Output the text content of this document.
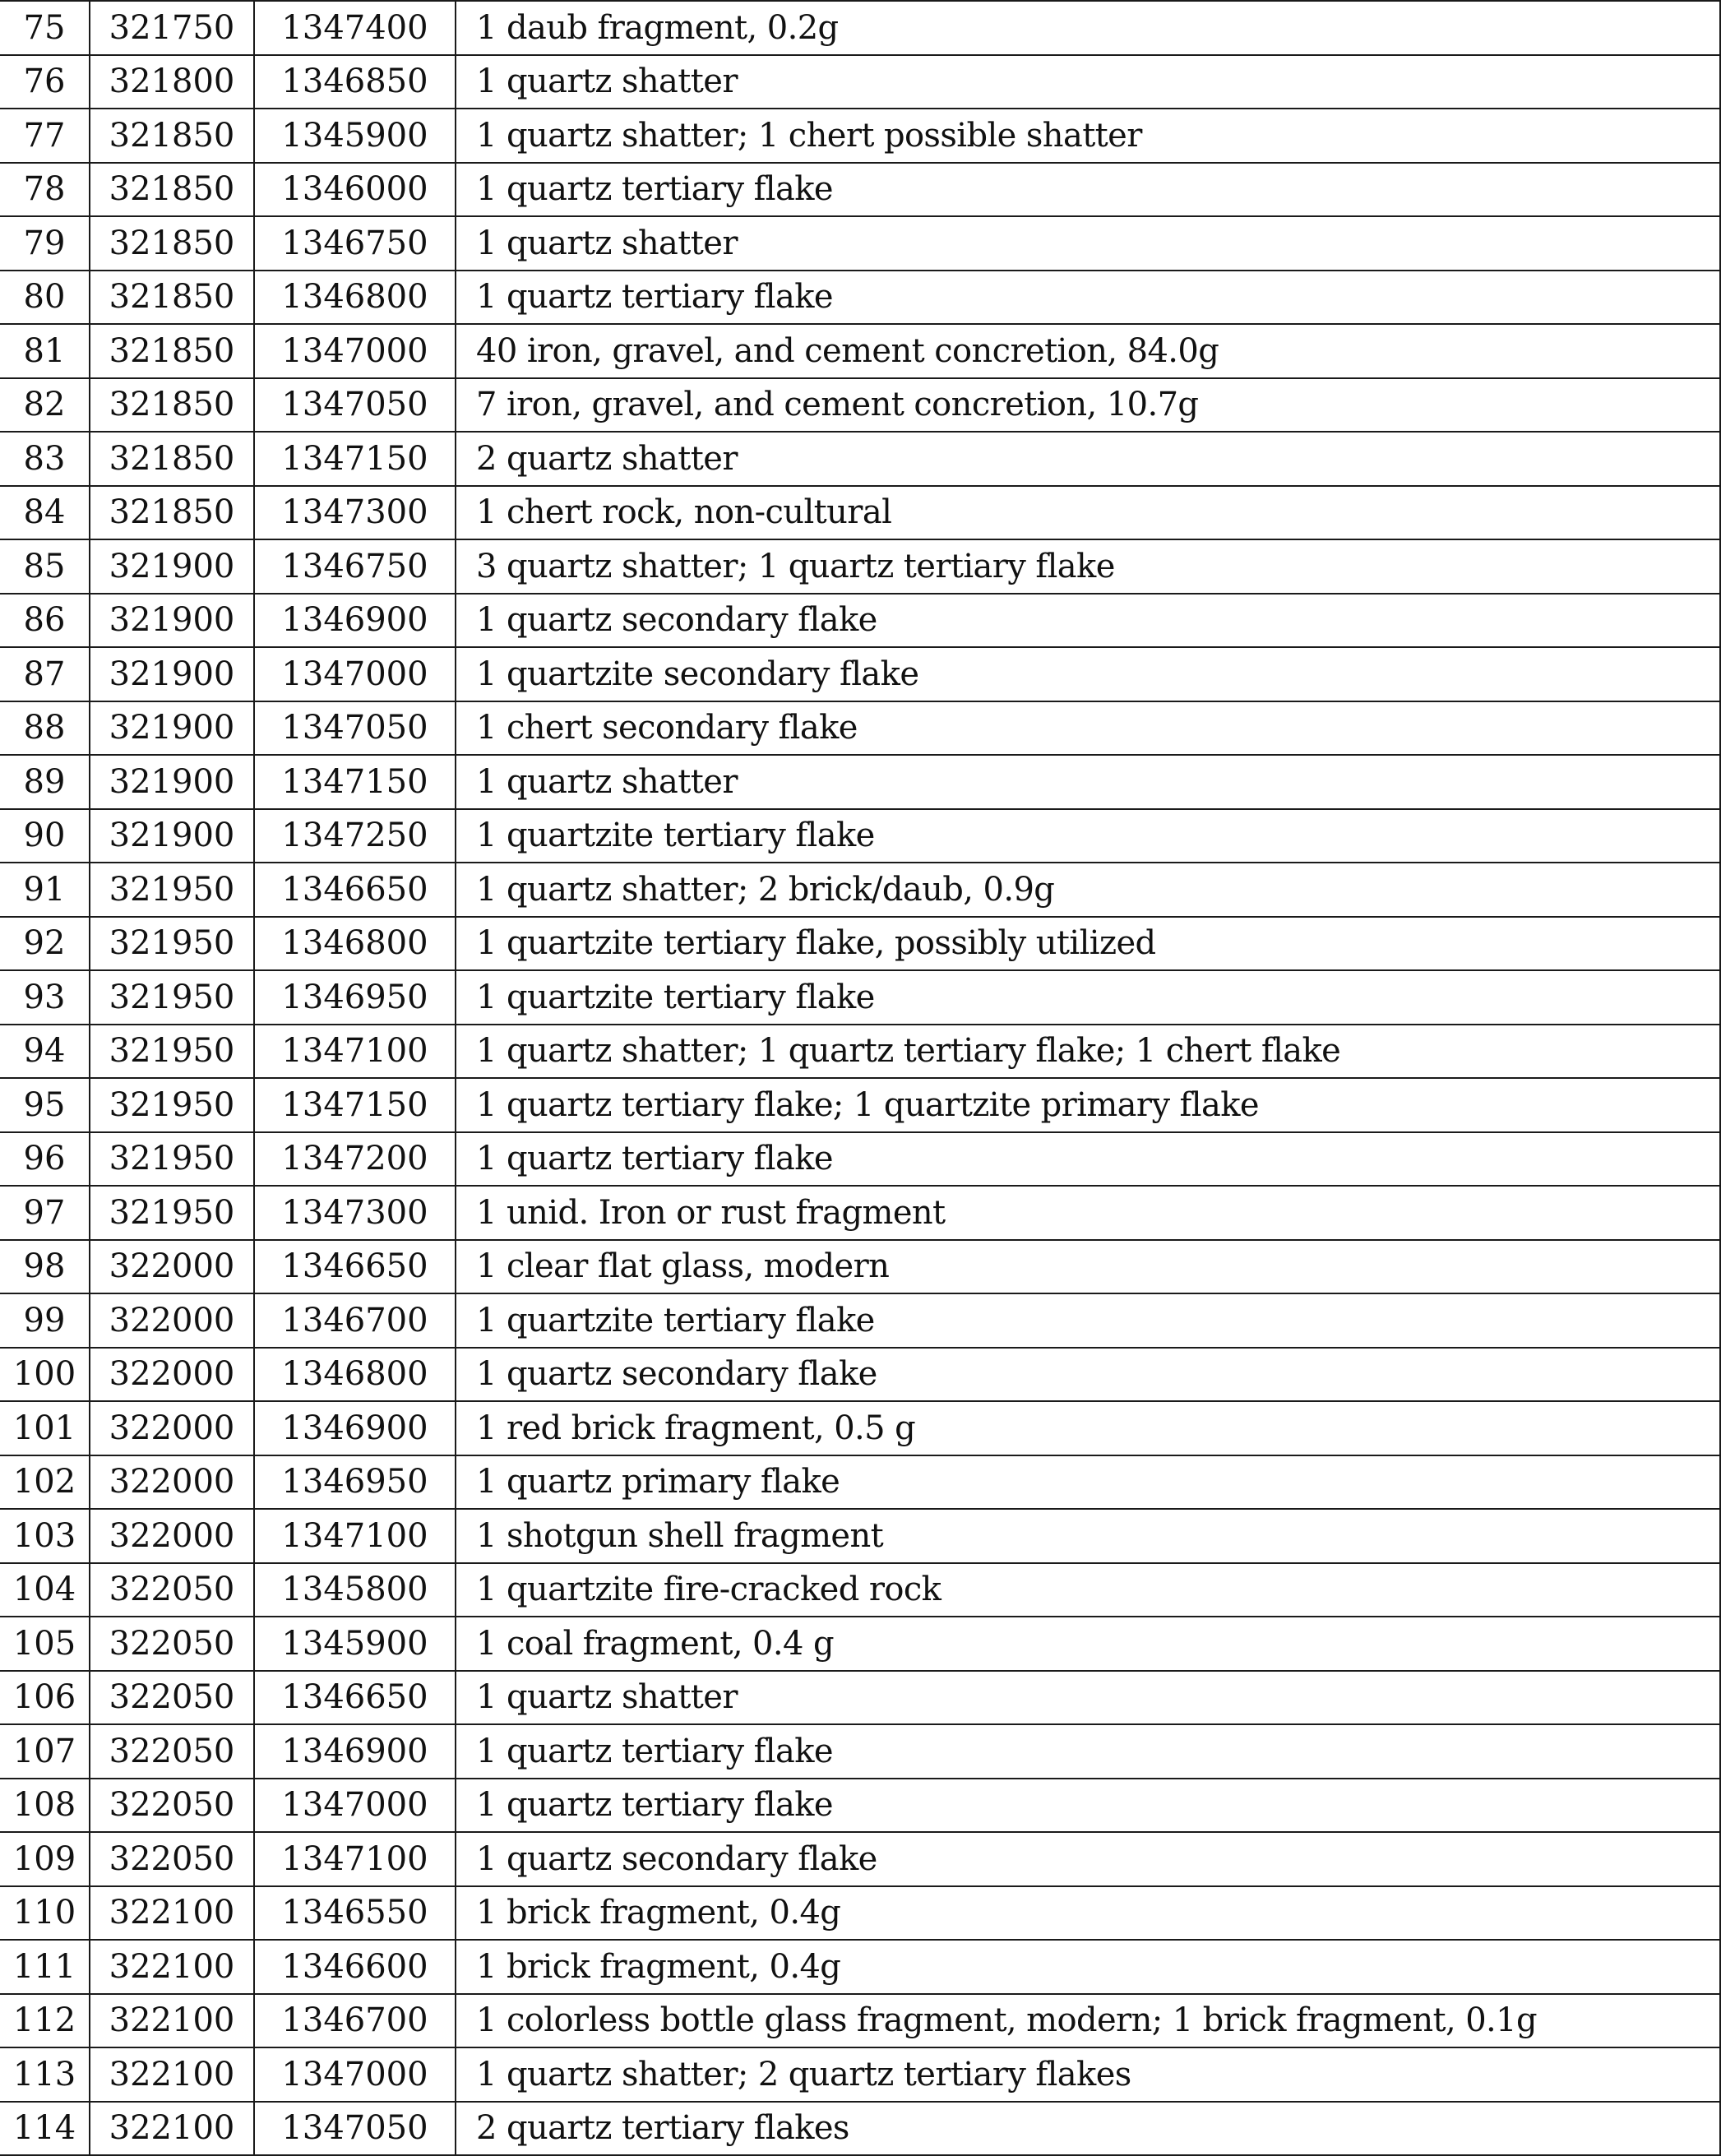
75	321750	1347400	1 daub fragment, 0.2g
76	321800	1346850	1 quartz shatter
77	321850	1345900	1 quartz shatter; 1 chert possible shatter
78	321850	1346000	1 quartz tertiary flake
79	321850	1346750	1 quartz shatter
80	321850	1346800	1 quartz tertiary flake
81	321850	1347000	40 iron, gravel, and cement concretion, 84.0g
82	321850	1347050	7 iron, gravel, and cement concretion, 10.7g
83	321850	1347150	2 quartz shatter
84	321850	1347300	1 chert rock, non-cultural
85	321900	1346750	3 quartz shatter; 1 quartz tertiary flake
86	321900	1346900	1 quartz secondary flake
87	321900	1347000	1 quartzite secondary flake
88	321900	1347050	1 chert secondary flake
89	321900	1347150	1 quartz shatter
90	321900	1347250	1 quartzite tertiary flake
91	321950	1346650	1 quartz shatter; 2 brick/daub, 0.9g
92	321950	1346800	1 quartzite tertiary flake, possibly utilized
93	321950	1346950	1 quartzite tertiary flake
94	321950	1347100	1 quartz shatter; 1 quartz tertiary flake; 1 chert flake
95	321950	1347150	1 quartz tertiary flake; 1 quartzite primary flake
96	321950	1347200	1 quartz tertiary flake
97	321950	1347300	1 unid. Iron or rust fragment
98	322000	1346650	1 clear flat glass, modern
99	322000	1346700	1 quartzite tertiary flake
100	322000	1346800	1 quartz secondary flake
101	322000	1346900	1 red brick fragment, 0.5 g
102	322000	1346950	1 quartz primary flake
103	322000	1347100	1 shotgun shell fragment
104	322050	1345800	1 quartzite fire-cracked rock
105	322050	1345900	1 coal fragment, 0.4 g
106	322050	1346650	1 quartz shatter
107	322050	1346900	1 quartz tertiary flake
108	322050	1347000	1 quartz tertiary flake
109	322050	1347100	1 quartz secondary flake
110	322100	1346550	1 brick fragment, 0.4g
111	322100	1346600	1 brick fragment, 0.4g
112	322100	1346700	1 colorless bottle glass fragment, modern; 1 brick fragment, 0.1g
113	322100	1347000	1 quartz shatter; 2 quartz tertiary flakes
114	322100	1347050	2 quartz tertiary flakes
